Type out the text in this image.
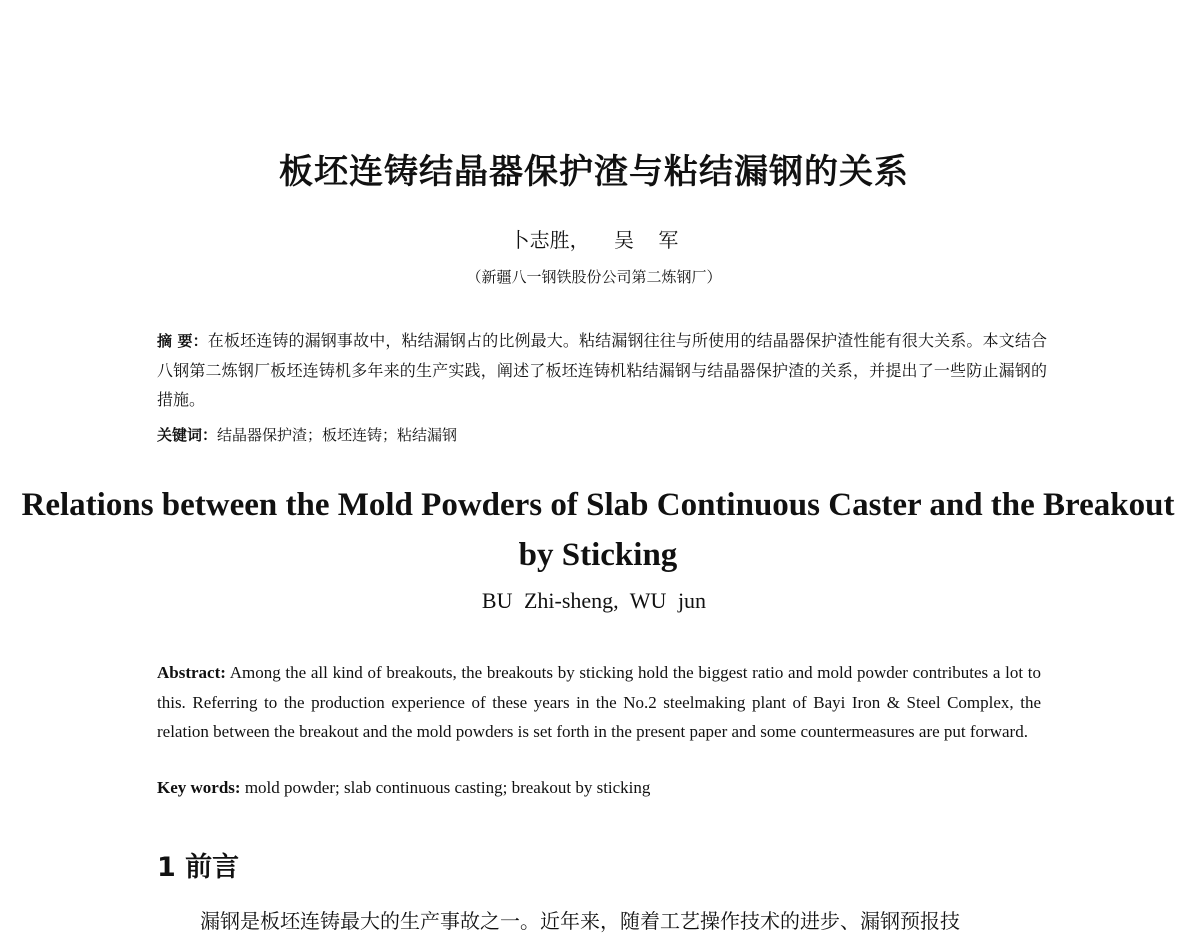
板坯连铸结晶器保护渣与粘结漏钢的关系
卜志胜， 吴 军
（新疆八一钢铁股份公司第二炼钢厂）
摘 要：在板坯连铸的漏钢事故中，粘结漏钢占的比例最大。粘结漏钢往往与所使用的结晶器保护渣性能有很大关系。本文结合八钢第二炼钢厂板坯连铸机多年来的生产实践，阐述了板坯连铸机粘结漏钢与结晶器保护渣的关系，并提出了一些防止漏钢的措施。
关键词：结晶器保护渣；板坯连铸；粘结漏钢
Relations between the Mold Powders of Slab Continuous Caster and the Breakout by Sticking
BU Zhi-sheng, WU jun
Abstract: Among the all kind of breakouts, the breakouts by sticking hold the biggest ratio and mold powder contributes a lot to this. Referring to the production experience of these years in the No.2 steelmaking plant of Bayi Iron & Steel Complex, the relation between the breakout and the mold powders is set forth in the present paper and some countermeasures are put forward.
Key words: mold powder; slab continuous casting; breakout by sticking
1 前言
漏钢是板坯连铸最大的生产事故之一。近年来，随着工艺操作技术的进步、漏钢预报技
